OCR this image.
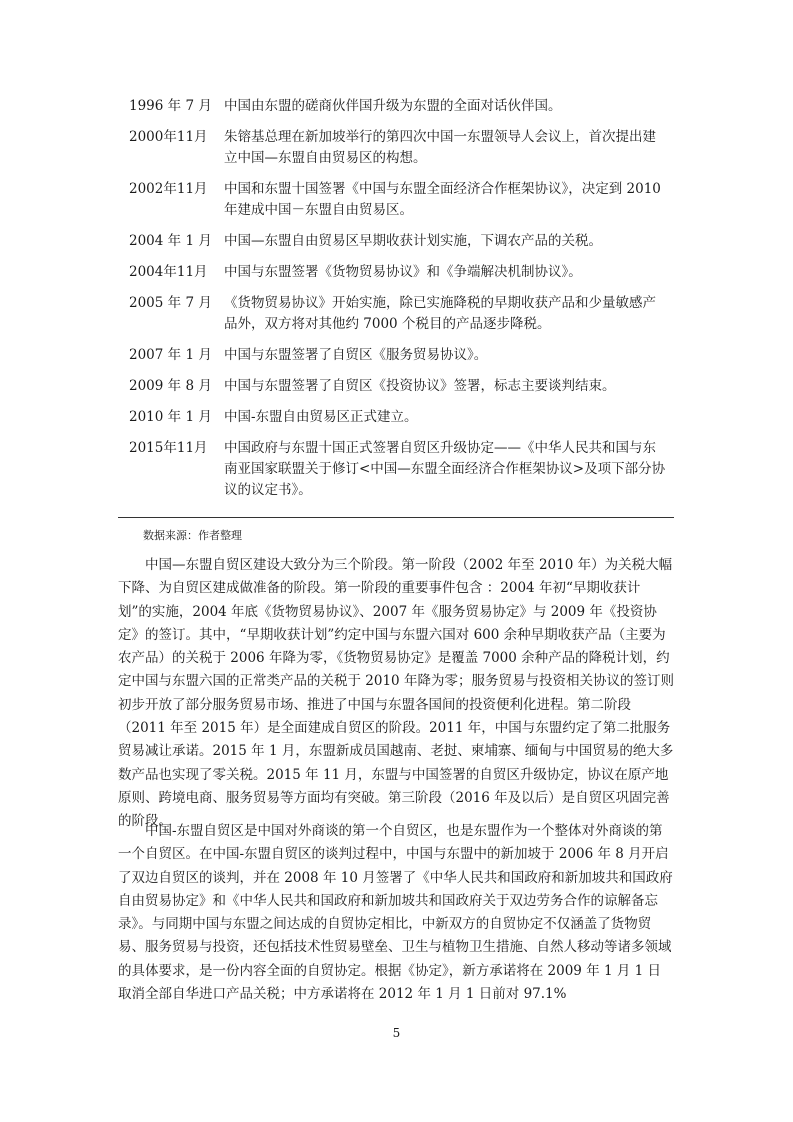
1996 年 7 月 中国由东盟的磋商伙伴国升级为东盟的全面对话伙伴国。
2000年11月	朱镕基总理在新加坡举行的第四次中国一东盟领导人会议上，首次提出建立中国—东盟自由贸易区的构想。
2002年11月	中国和东盟十国签署《中国与东盟全面经济合作框架协议》，决定到 2010 年建成中国－东盟自由贸易区。
2004 年 1 月 中国—东盟自由贸易区早期收获计划实施，下调农产品的关税。
2004年11月	中国与东盟签署《货物贸易协议》和《争端解决机制协议》。
2005 年 7 月 《货物贸易协议》开始实施，除已实施降税的早期收获产品和少量敏感产品外，双方将对其他约 7000 个税目的产品逐步降税。
2007 年 1 月 中国与东盟签署了自贸区《服务贸易协议》。
2009 年 8 月 中国与东盟签署了自贸区《投资协议》签署，标志主要谈判结束。
2010 年 1 月 中国-东盟自由贸易区正式建立。
2015年11月	中国政府与东盟十国正式签署自贸区升级协定——《中华人民共和国与东南亚国家联盟关于修订<中国—东盟全面经济合作框架协议>及项下部分协议的议定书》。
数据来源：作者整理

中国—东盟自贸区建设大致分为三个阶段。第一阶段（2002 年至 2010 年）为关税大幅下降、为自贸区建成做准备的阶段。第一阶段的重要事件包含 ：2004 年初“早期收获计划”的实施，2004 年底《货物贸易协议》、2007 年《服务贸易协定》与 2009 年《投资协定》的签订。其中，“早期收获计划”约定中国与东盟六国对 600 余种早期收获产品（主要为农产品）的关税于 2006 年降为零，《货物贸易协定》是覆盖 7000 余种产品的降税计划，约定中国与东盟六国的正常类产品的关税于 2010 年降为零；服务贸易与投资相关协议的签订则初步开放了部分服务贸易市场、推进了中国与东盟各国间的投资便利化进程。第二阶段（2011 年至 2015 年）是全面建成自贸区的阶段。2011 年，中国与东盟约定了第二批服务贸易减让承诺。2015 年 1 月，东盟新成员国越南、老挝、柬埔寨、缅甸与中国贸易的绝大多数产品也实现了零关税。2015 年 11 月，东盟与中国签署的自贸区升级协定，协议在原产地原则、跨境电商、服务贸易等方面均有突破。第三阶段（2016 年及以后）是自贸区巩固完善的阶段。

中国-东盟自贸区是中国对外商谈的第一个自贸区，也是东盟作为一个整体对外商谈的第一个自贸区。在中国-东盟自贸区的谈判过程中，中国与东盟中的新加坡于 2006 年 8 月开启了双边自贸区的谈判，并在 2008 年 10 月签署了《中华人民共和国政府和新加坡共和国政府自由贸易协定》和《中华人民共和国政府和新加坡共和国政府关于双边劳务合作的谅解备忘录》。与同期中国与东盟之间达成的自贸协定相比，中新双方的自贸协定不仅涵盖了货物贸易、服务贸易与投资，还包括技术性贸易壁垒、卫生与植物卫生措施、自然人移动等诸多领域的具体要求，是一份内容全面的自贸协定。根据《协定》，新方承诺将在 2009 年 1 月 1 日取消全部自华进口产品关税；中方承诺将在 2012 年 1 月 1 日前对 97.1%

5
